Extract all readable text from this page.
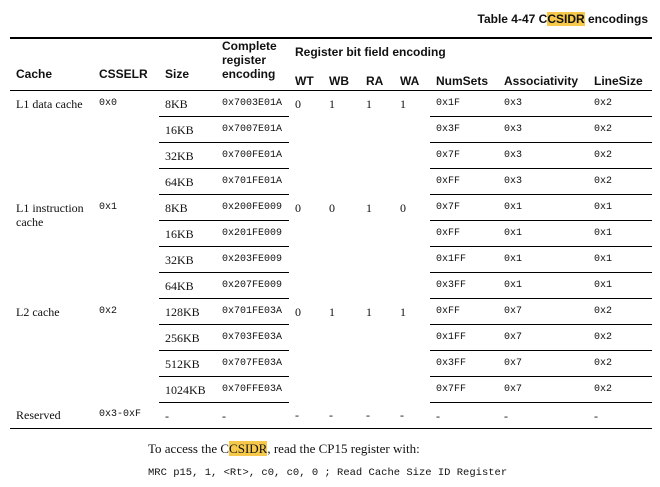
Table 4-47 CCSIDR encodings
Cache	CSSELR	Size	Complete register encoding	Register bit field encoding						
				WT	WB	RA	WA	NumSets	Associativity	LineSize
L1 data cache	0x0	8KB	0x7003E01A	0	1	1	1	0x1F	0x3	0x2
		16KB	0x7007E01A					0x3F	0x3	0x2
		32KB	0x700FE01A					0x7F	0x3	0x2
		64KB	0x701FE01A					0xFF	0x3	0x2
L1 instruction cache	0x1	8KB	0x200FE009	0	0	1	0	0x7F	0x1	0x1
		16KB	0x201FE009					0xFF	0x1	0x1
		32KB	0x203FE009					0x1FF	0x1	0x1
		64KB	0x207FE009					0x3FF	0x1	0x1
L2 cache	0x2	128KB	0x701FE03A	0	1	1	1	0xFF	0x7	0x2
		256KB	0x703FE03A					0x1FF	0x7	0x2
		512KB	0x707FE03A					0x3FF	0x7	0x2
		1024KB	0x70FFE03A					0x7FF	0x7	0x2
Reserved	0x3-0xF	-	-	-	-	-	-	-	-	-
To access the CCSIDR, read the CP15 register with:
MRC p15, 1, <Rt>, c0, c0, 0 ; Read Cache Size ID Register
